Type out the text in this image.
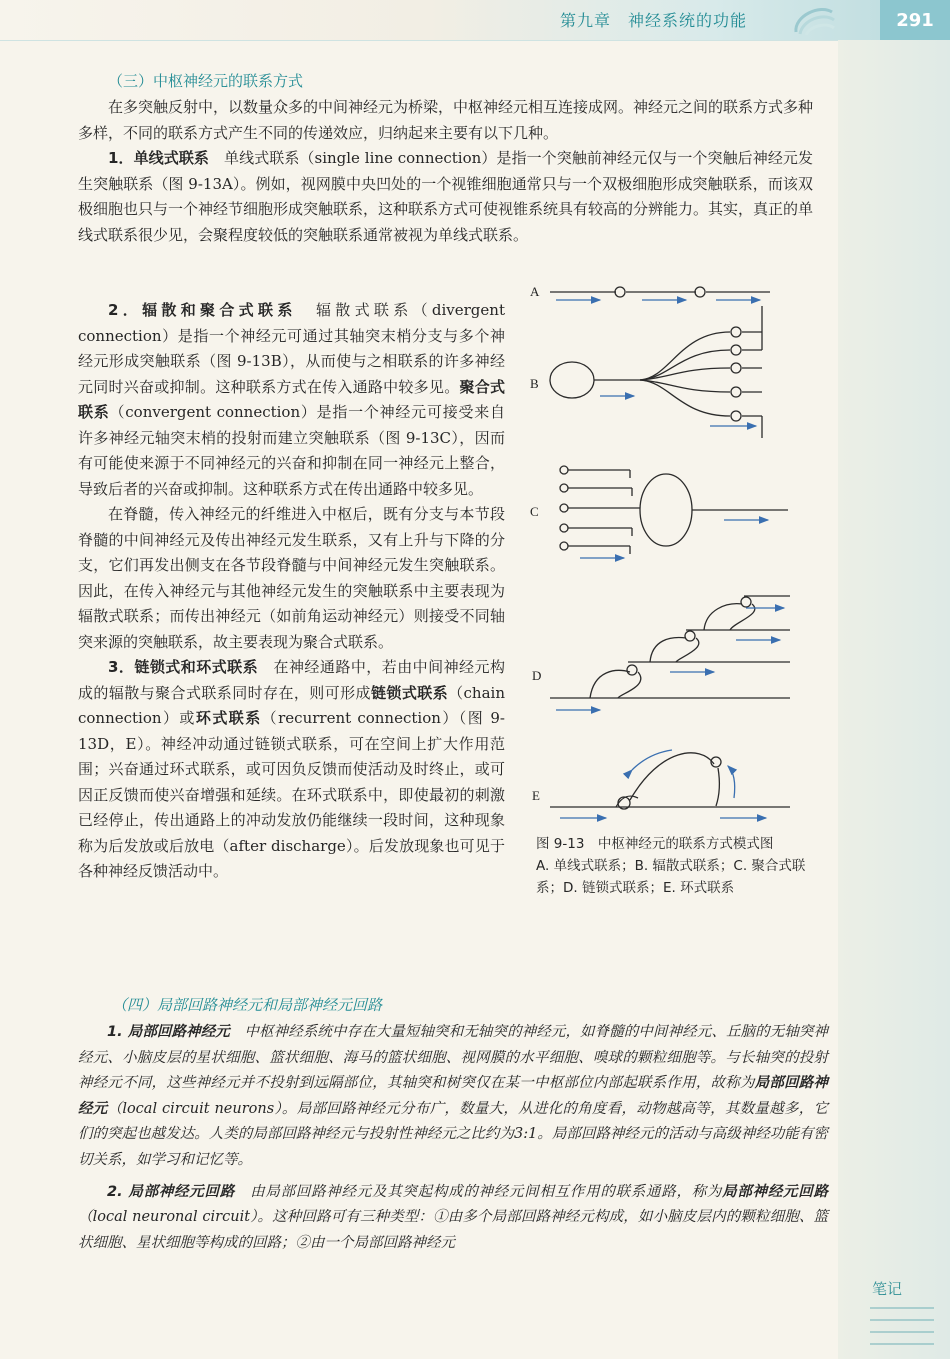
第九章　神经系统的功能	291
（三）中枢神经元的联系方式

在多突触反射中，以数量众多的中间神经元为桥梁，中枢神经元相互连接成网。神经元之间的联系方式多种多样，不同的联系方式产生不同的传递效应，归纳起来主要有以下几种。

1．单线式联系　 单线式联系（single line connection）是指一个突触前神经元仅与一个突触后神经元发生突触联系（图 9-13A）。例如，视网膜中央凹处的一个视锥细胞通常只与一个双极细胞形成突触联系，而该双极细胞也只与一个神经节细胞形成突触联系，这种联系方式可使视锥系统具有较高的分辨能力。其实，真正的单线式联系很少见，会聚程度较低的突触联系通常被视为单线式联系。

2．辐散和聚合式联系　 辐散式联系（divergent connection）是指一个神经元可通过其轴突末梢分支与多个神经元形成突触联系（图 9-13B），从而使与之相联系的许多神经元同时兴奋或抑制。这种联系方式在传入通路中较多见。聚合式联系（convergent connection）是指一个神经元可接受来自许多神经元轴突末梢的投射而建立突触联系（图 9-13C），因而有可能使来源于不同神经元的兴奋和抑制在同一神经元上整合，导致后者的兴奋或抑制。这种联系方式在传出通路中较多见。

在脊髓，传入神经元的纤维进入中枢后，既有分支与本节段脊髓的中间神经元及传出神经元发生联系，又有上升与下降的分支，它们再发出侧支在各节段脊髓与中间神经元发生突触联系。因此，在传入神经元与其他神经元发生的突触联系中主要表现为辐散式联系；而传出神经元（如前角运动神经元）则接受不同轴突来源的突触联系，故主要表现为聚合式联系。

3．链锁式和环式联系　 在神经通路中，若由中间神经元构成的辐散与聚合式联系同时存在，则可形成链锁式联系（chain connection）或环式联系（recurrent connection）（图 9-13D，E）。神经冲动通过链锁式联系，可在空间上扩大作用范围；兴奋通过环式联系，或可因负反馈而使活动及时终止，或可因正反馈而使兴奋增强和延续。在环式联系中，即使最初的刺激已经停止，传出通路上的冲动发放仍能继续一段时间，这种现象称为后发放或后放电（after discharge）。后发放现象也可见于各种神经反馈活动中。

A
B
C
D
E
图 9-13　中枢神经元的联系方式模式图
A. 单线式联系；B. 辐散式联系；C. 聚合式联系；D. 链锁式联系；E. 环式联系
（四）局部回路神经元和局部神经元回路

1. 局部回路神经元　 中枢神经系统中存在大量短轴突和无轴突的神经元，如脊髓的中间神经元、丘脑的无轴突神经元、小脑皮层的星状细胞、篮状细胞、海马的篮状细胞、视网膜的水平细胞、嗅球的颗粒细胞等。与长轴突的投射神经元不同，这些神经元并不投射到远隔部位，其轴突和树突仅在某一中枢部位内部起联系作用，故称为局部回路神经元（local circuit neurons）。局部回路神经元分布广，数量大，从进化的角度看，动物越高等，其数量越多，它们的突起也越发达。人类的局部回路神经元与投射性神经元之比约为3:1。局部回路神经元的活动与高级神经功能有密切关系，如学习和记忆等。

2. 局部神经元回路　 由局部回路神经元及其突起构成的神经元间相互作用的联系通路，称为局部神经元回路（local neuronal circuit）。这种回路可有三种类型：①由多个局部回路神经元构成，如小脑皮层内的颗粒细胞、篮状细胞、星状细胞等构成的回路；②由一个局部回路神经元

笔记
